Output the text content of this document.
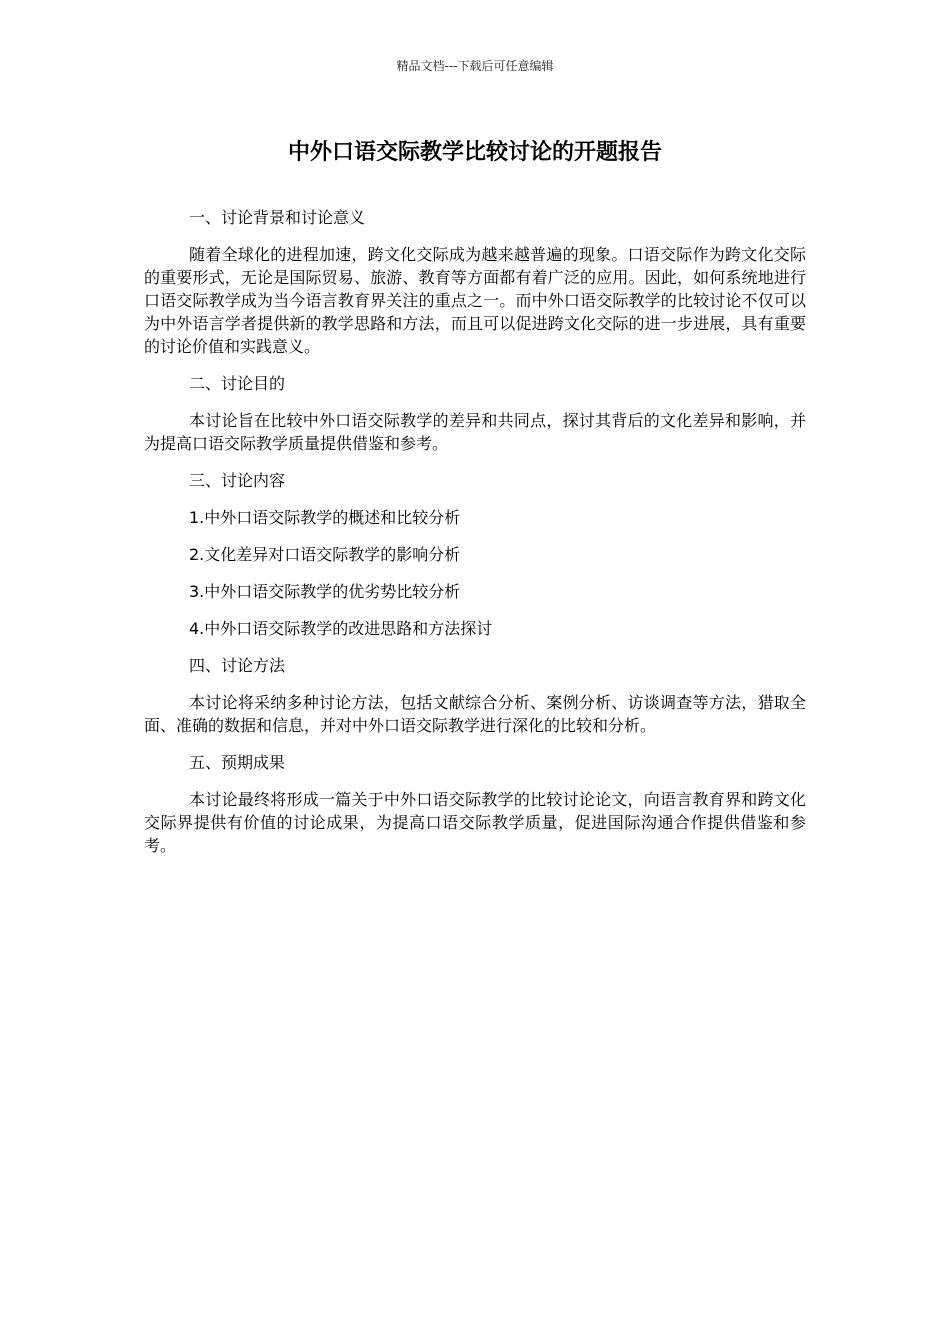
精品文档---下载后可任意编辑
中外口语交际教学比较讨论的开题报告
一、讨论背景和讨论意义
随着全球化的进程加速，跨文化交际成为越来越普遍的现象。口语交际作为跨文化交际的重要形式，无论是国际贸易、旅游、教育等方面都有着广泛的应用。因此，如何系统地进行口语交际教学成为当今语言教育界关注的重点之一。而中外口语交际教学的比较讨论不仅可以为中外语言学者提供新的教学思路和方法，而且可以促进跨文化交际的进一步进展，具有重要的讨论价值和实践意义。
二、讨论目的
本讨论旨在比较中外口语交际教学的差异和共同点，探讨其背后的文化差异和影响，并为提高口语交际教学质量提供借鉴和参考。
三、讨论内容
1.中外口语交际教学的概述和比较分析
2.文化差异对口语交际教学的影响分析
3.中外口语交际教学的优劣势比较分析
4.中外口语交际教学的改进思路和方法探讨
四、讨论方法
本讨论将采纳多种讨论方法，包括文献综合分析、案例分析、访谈调查等方法，猎取全面、准确的数据和信息，并对中外口语交际教学进行深化的比较和分析。
五、预期成果
本讨论最终将形成一篇关于中外口语交际教学的比较讨论论文，向语言教育界和跨文化交际界提供有价值的讨论成果，为提高口语交际教学质量，促进国际沟通合作提供借鉴和参考。
